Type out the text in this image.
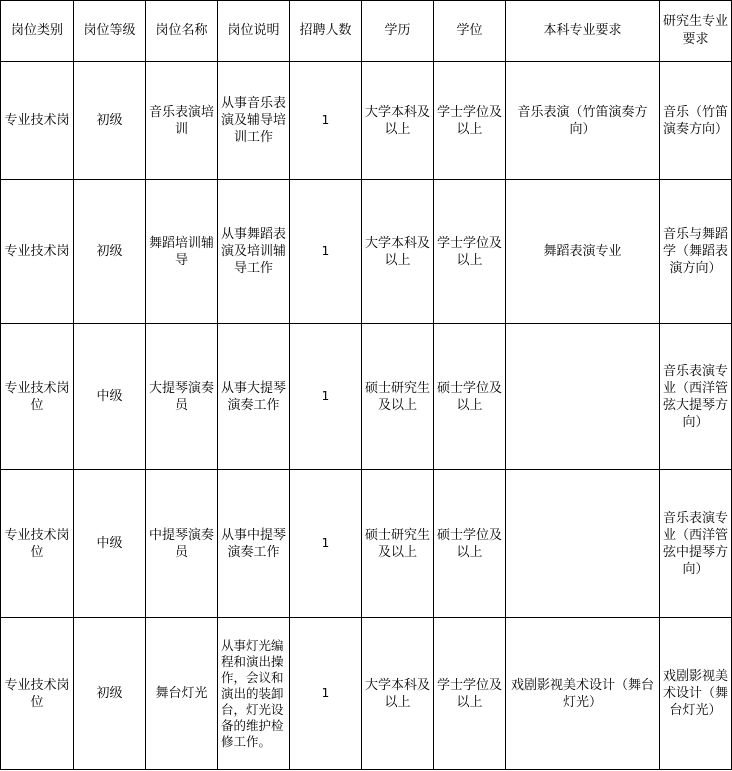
岗位类别	岗位等级	岗位名称	岗位说明	招聘人数	学历	学位	本科专业要求	研究生专业要求
专业技术岗	初级	音乐表演培训	从事音乐表演及辅导培训工作	1	大学本科及以上	学士学位及以上	音乐表演（竹笛演奏方向）	音乐（竹笛演奏方向）
专业技术岗	初级	舞蹈培训辅导	从事舞蹈表演及培训辅导工作	1	大学本科及以上	学士学位及以上	舞蹈表演专业	音乐与舞蹈学（舞蹈表演方向）
专业技术岗位	中级	大提琴演奏员	从事大提琴演奏工作	1	硕士研究生及以上	硕士学位及以上		音乐表演专业（西洋管弦大提琴方向）
专业技术岗位	中级	中提琴演奏员	从事中提琴演奏工作	1	硕士研究生及以上	硕士学位及以上		音乐表演专业（西洋管弦中提琴方向）
专业技术岗位	初级	舞台灯光	从事灯光编程和演出操作，会议和演出的装卸台，灯光设备的维护检修工作。	1	大学本科及以上	学士学位及以上	戏剧影视美术设计（舞台灯光）	戏剧影视美术设计（舞台灯光）
